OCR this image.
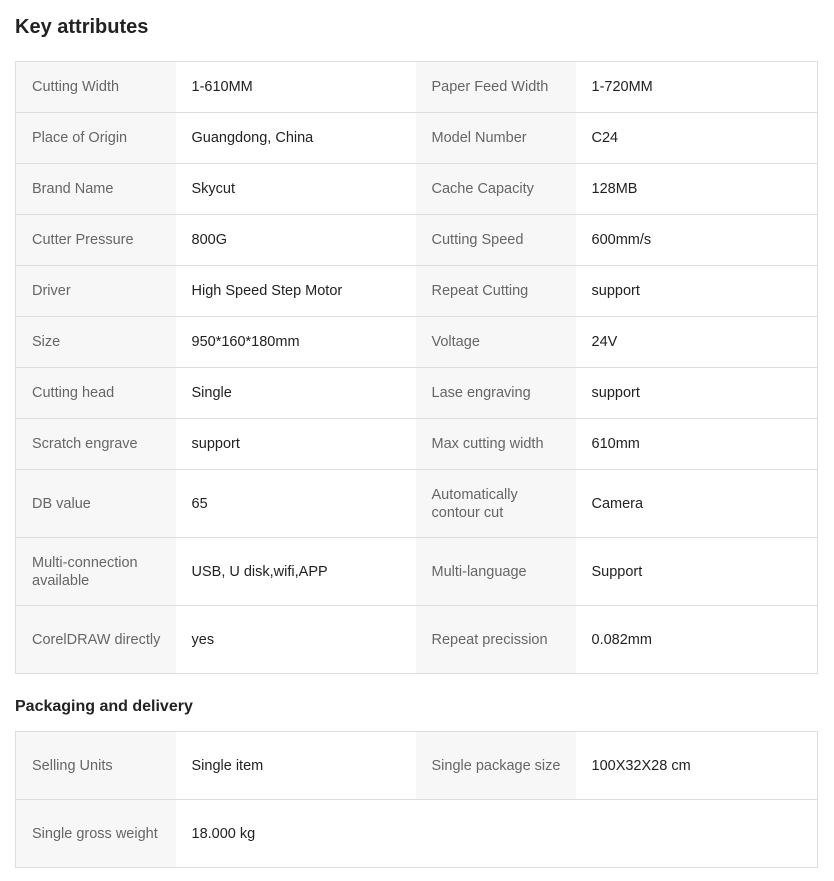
Key attributes
Cutting Width	1-610MM	Paper Feed Width	1-720MM
Place of Origin	Guangdong, China	Model Number	C24
Brand Name	Skycut	Cache Capacity	128MB
Cutter Pressure	800G	Cutting Speed	600mm/s
Driver	High Speed Step Motor	Repeat Cutting	support
Size	950*160*180mm	Voltage	24V
Cutting head	Single	Lase engraving	support
Scratch engrave	support	Max cutting width	610mm
DB value	65	Automatically contour cut	Camera
Multi-connection available	USB, U disk,wifi,APP	Multi-language	Support
CorelDRAW directly	yes	Repeat precission	0.082mm
Packaging and delivery
Selling Units	Single item	Single package size	100X32X28 cm
Single gross weight	18.000 kg		
